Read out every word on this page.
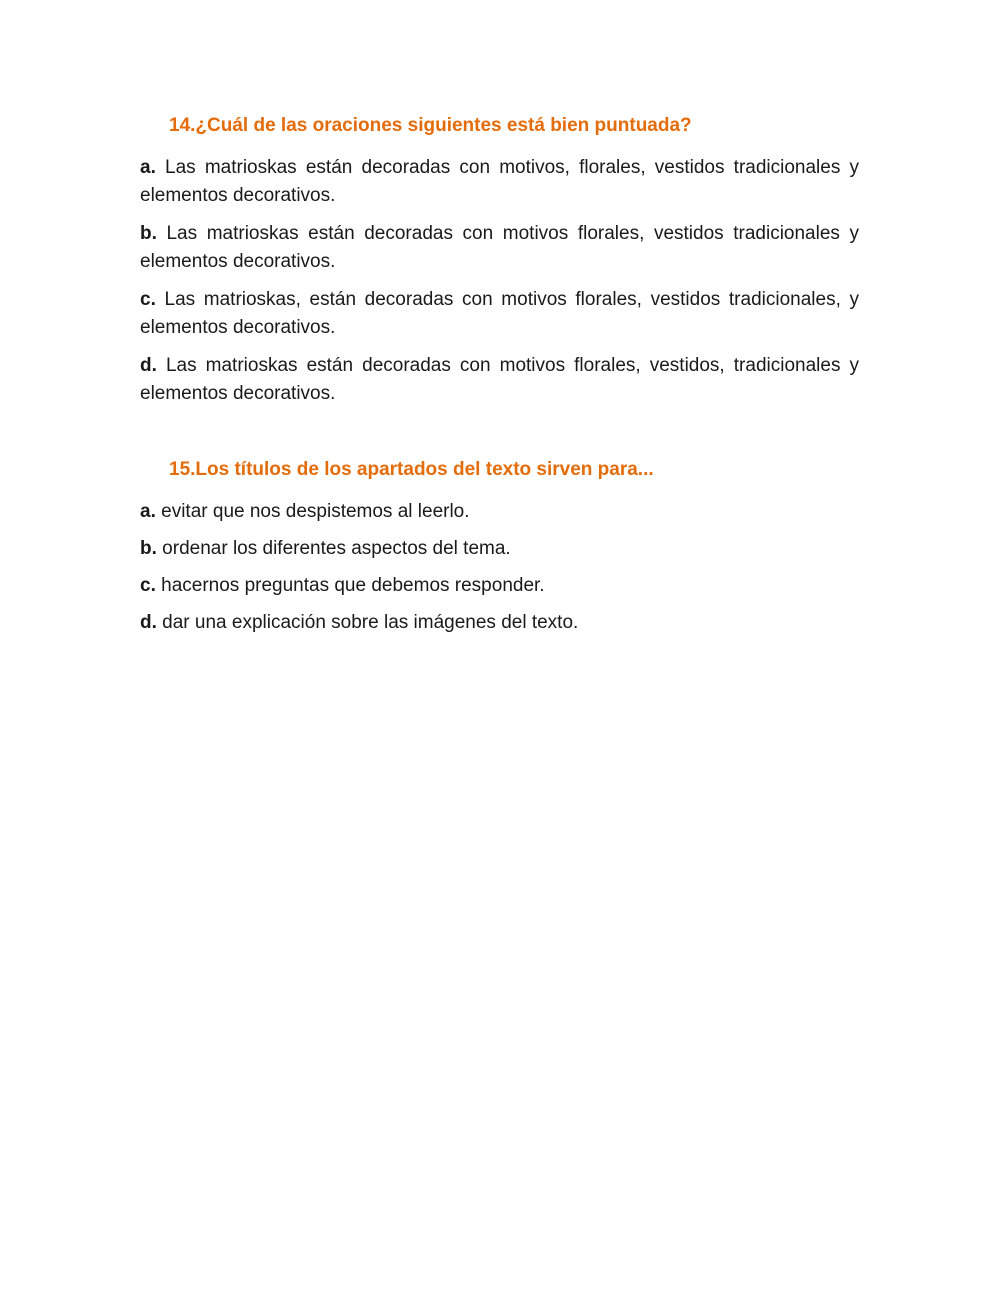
14.¿Cuál de las oraciones siguientes está bien puntuada?

a. Las matrioskas están decoradas con motivos, florales, vestidos tradicionales y elementos decorativos.

b. Las matrioskas están decoradas con motivos florales, vestidos tradicionales y elementos decorativos.

c. Las matrioskas, están decoradas con motivos florales, vestidos tradicionales, y elementos decorativos.

d. Las matrioskas están decoradas con motivos florales, vestidos, tradicionales y elementos decorativos.

15.Los títulos de los apartados del texto sirven para...

a. evitar que nos despistemos al leerlo.

b. ordenar los diferentes aspectos del tema.

c. hacernos preguntas que debemos responder.

d. dar una explicación sobre las imágenes del texto.
